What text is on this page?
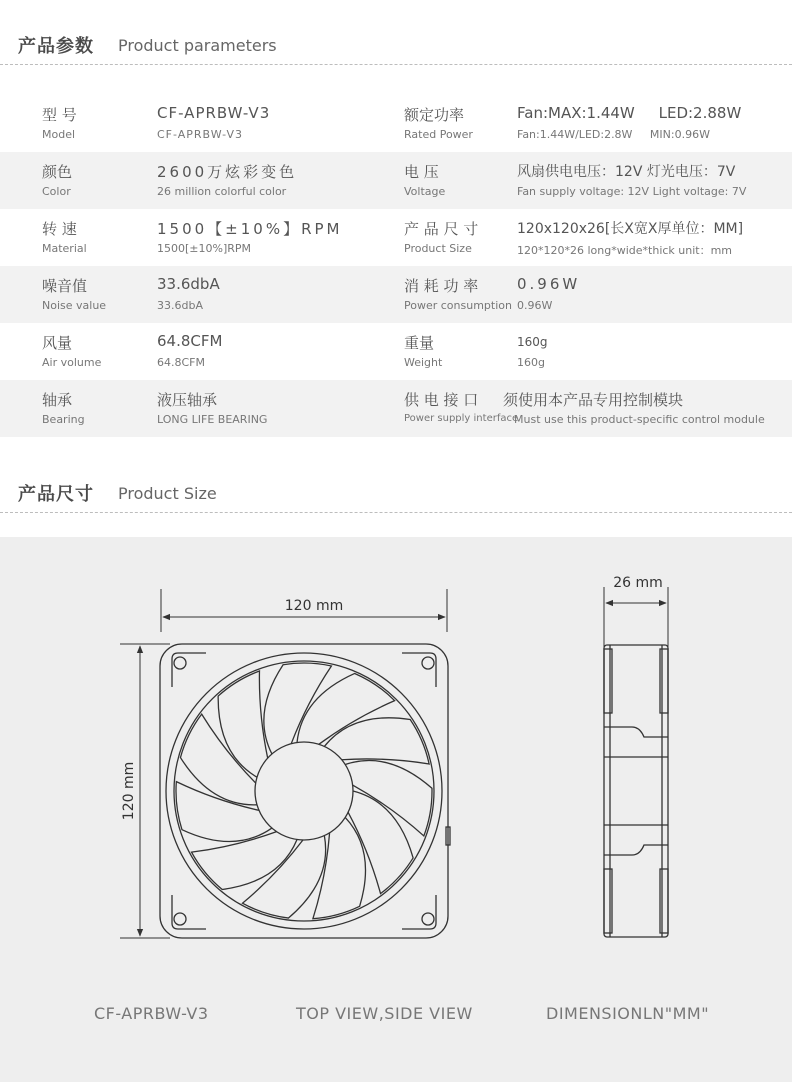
产品参数 Product parameters
型 号
Model
CF-APRBW-V3
CF-APRBW-V3
额定功率
Rated Power
Fan:MAX:1.44W     LED:2.88W
Fan:1.44W/LED:2.8W     MIN:0.96W
颜色
Color
2600万炫彩变色
26 million colorful color
电 压
Voltage
风扇供电电压：12V 灯光电压：7V
Fan supply voltage: 12V Light voltage: 7V
转 速
Material
1500【±10%】RPM
1500[±10%]RPM
产 品 尺 寸
Product Size
120x120x26[长X宽X厚单位：MM]
120*120*26 long*wide*thick unit：mm
噪音值
Noise value
33.6dbA
33.6dbA
消 耗 功 率
Power consumption
0.96W
0.96W
风量
Air volume
64.8CFM
64.8CFM
重量
Weight
160g
160g
轴承
Bearing
液压轴承
LONG LIFE BEARING
供 电 接 口
Power supply interface
须使用本产品专用控制模块
Must use this product-specific control module
产品尺寸 Product Size
120 mm
120 mm
26 mm
CF-APRBW-V3	TOP VIEW,SIDE VIEW	DIMENSIONLN"MM"
